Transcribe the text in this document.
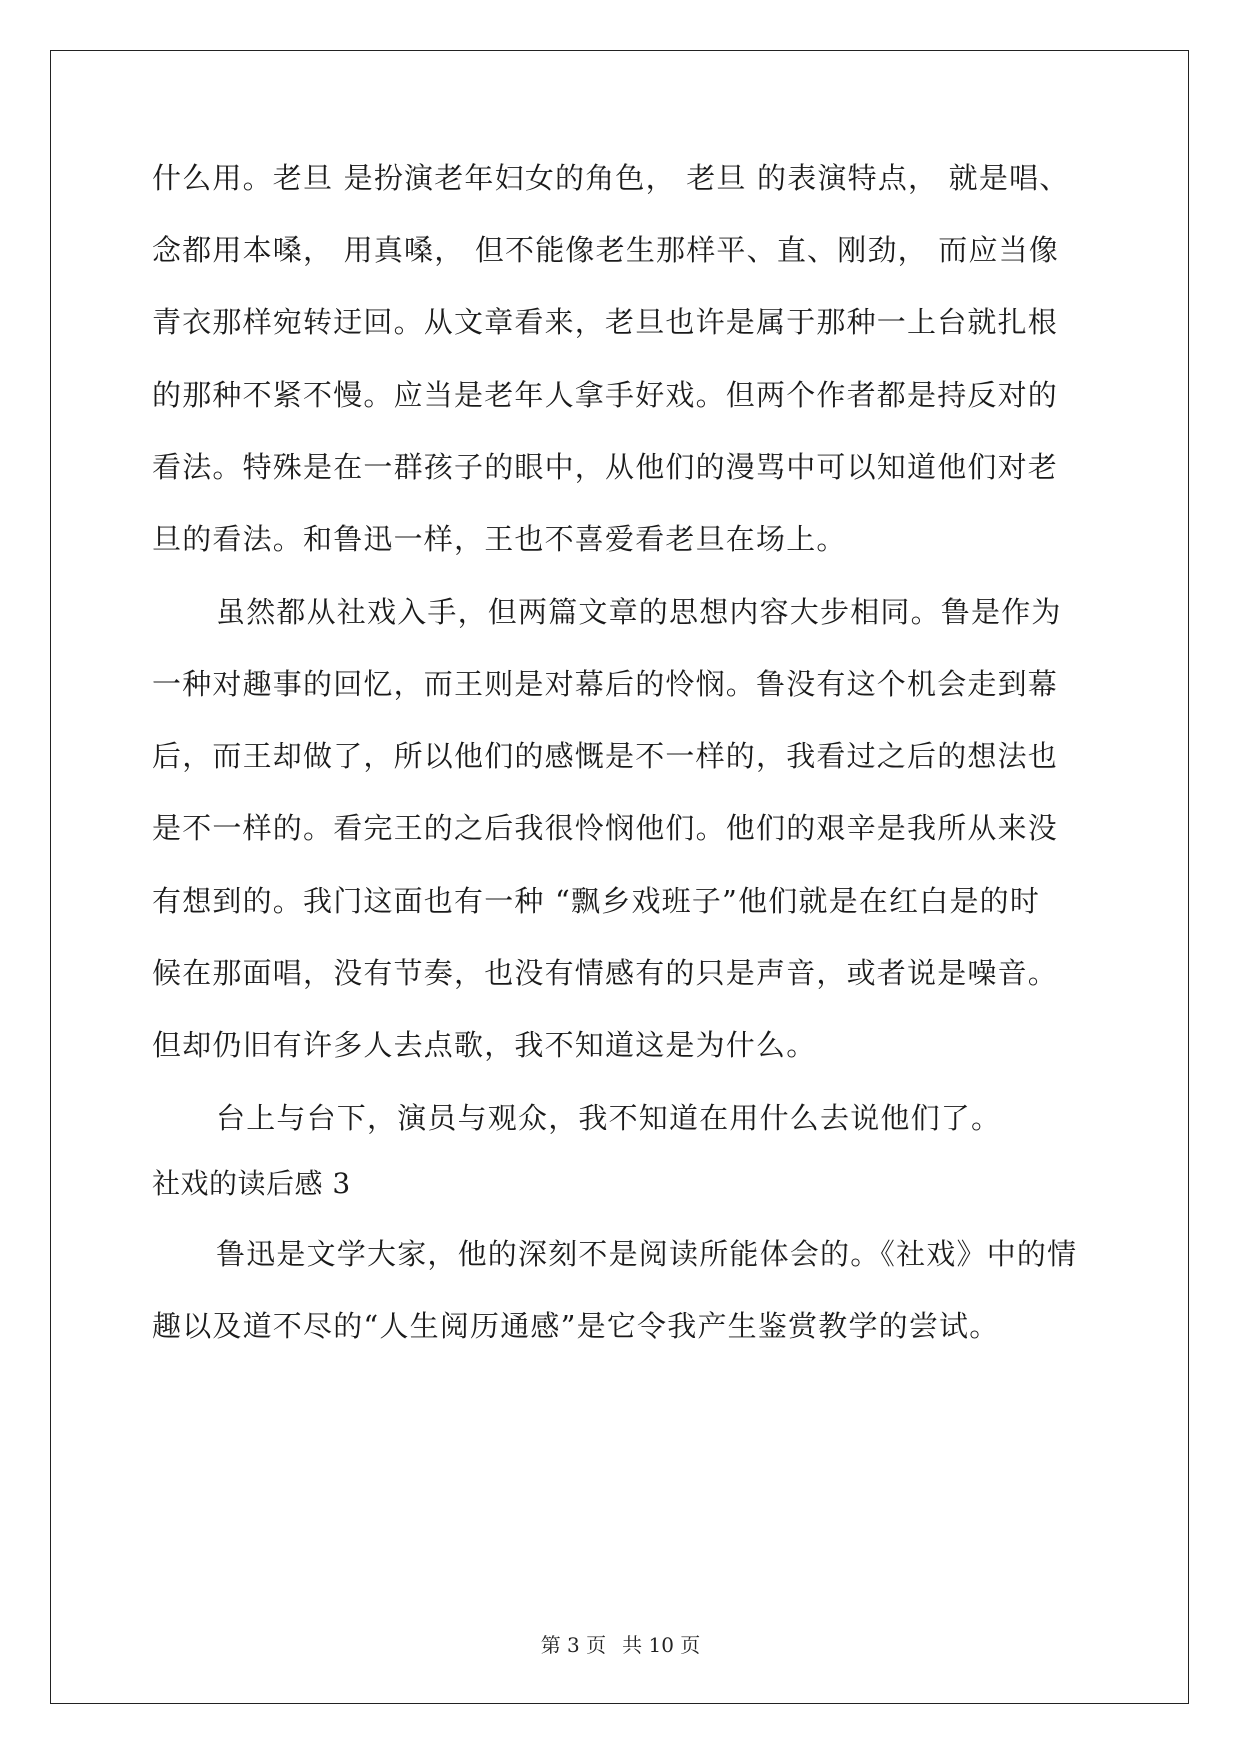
什么用。老旦 是扮演老年妇女的角色， 老旦 的表演特点， 就是唱、
念都用本嗓， 用真嗓， 但不能像老生那样平、直、刚劲， 而应当像
青衣那样宛转迂回。从文章看来，老旦也许是属于那种一上台就扎根
的那种不紧不慢。应当是老年人拿手好戏。但两个作者都是持反对的
看法。特殊是在一群孩子的眼中，从他们的漫骂中可以知道他们对老
旦的看法。和鲁迅一样，王也不喜爱看老旦在场上。
虽然都从社戏入手，但两篇文章的思想内容大步相同。鲁是作为
一种对趣事的回忆，而王则是对幕后的怜悯。鲁没有这个机会走到幕
后，而王却做了，所以他们的感慨是不一样的，我看过之后的想法也
是不一样的。看完王的之后我很怜悯他们。他们的艰辛是我所从来没
有想到的。我门这面也有一种 “飘乡戏班子”他们就是在红白是的时
候在那面唱，没有节奏，也没有情感有的只是声音，或者说是噪音。
但却仍旧有许多人去点歌，我不知道这是为什么。
台上与台下，演员与观众，我不知道在用什么去说他们了。
社戏的读后感 3
鲁迅是文学大家，他的深刻不是阅读所能体会的。《社戏》中的情
趣以及道不尽的“人生阅历通感”是它令我产生鉴赏教学的尝试。
第 3 页 共 10 页
